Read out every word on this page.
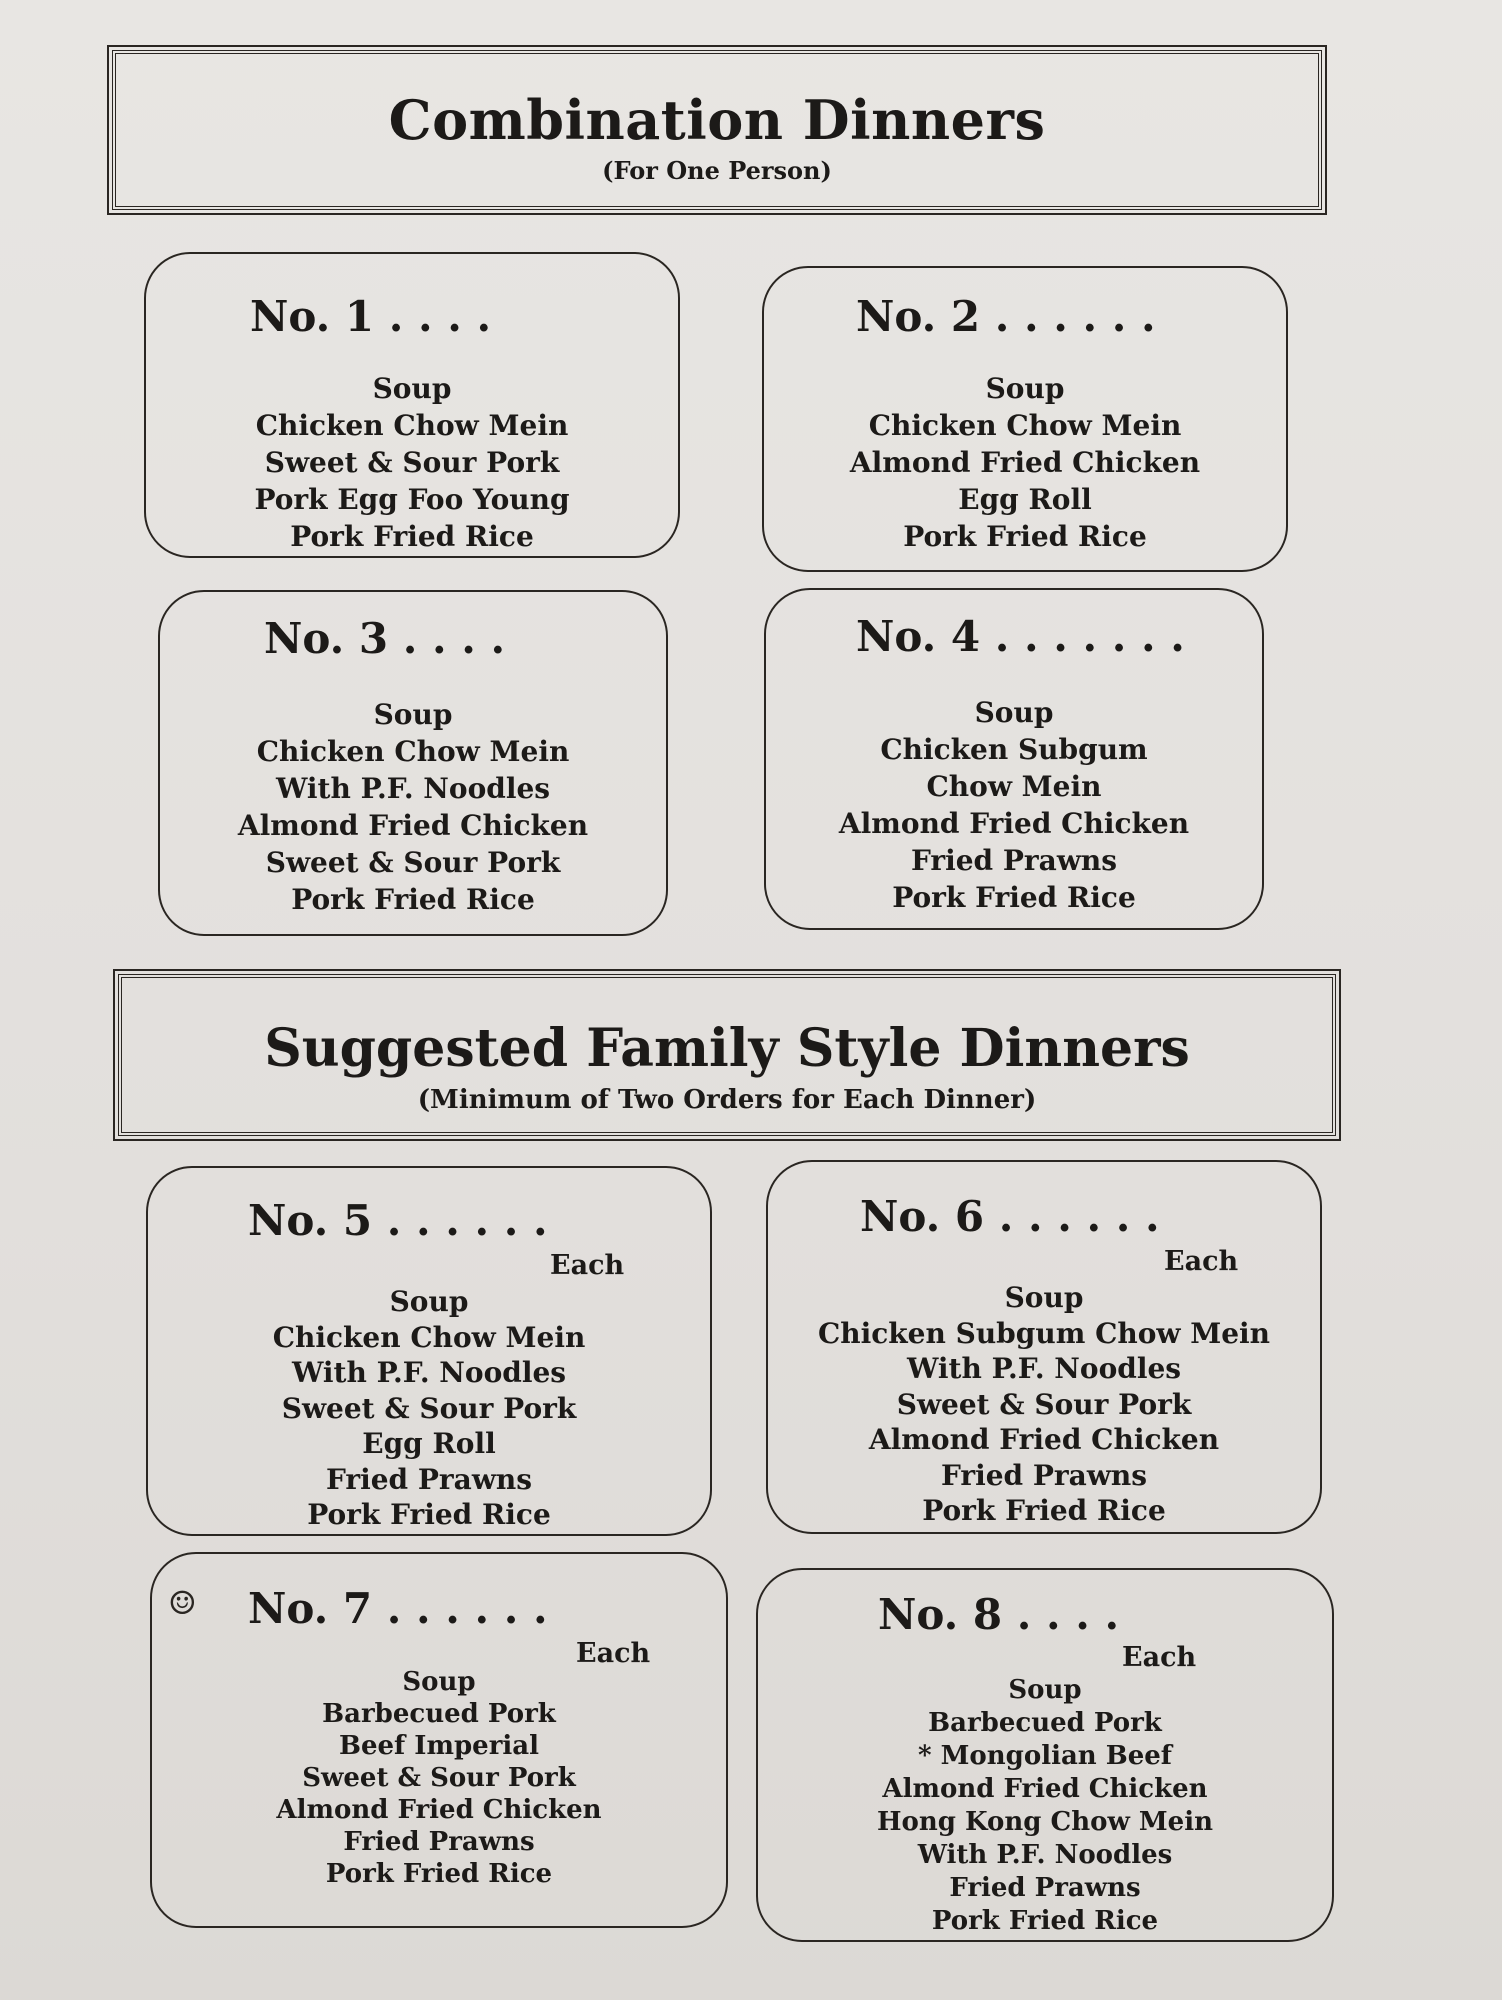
Combination Dinners
(For One Person)
No. 1 . . . .
Soup
Chicken Chow Mein
Sweet & Sour Pork
Pork Egg Foo Young
Pork Fried Rice
No. 2 . . . . . .
Soup
Chicken Chow Mein
Almond Fried Chicken
Egg Roll
Pork Fried Rice
No. 3 . . . .
Soup
Chicken Chow Mein
With P.F. Noodles
Almond Fried Chicken
Sweet & Sour Pork
Pork Fried Rice
No. 4 . . . . . . .
Soup
Chicken Subgum
Chow Mein
Almond Fried Chicken
Fried Prawns
Pork Fried Rice
Suggested Family Style Dinners
(Minimum of Two Orders for Each Dinner)
No. 5 . . . . . .
Each
Soup
Chicken Chow Mein
With P.F. Noodles
Sweet & Sour Pork
Egg Roll
Fried Prawns
Pork Fried Rice
No. 6 . . . . . .
Each
Soup
Chicken Subgum Chow Mein
With P.F. Noodles
Sweet & Sour Pork
Almond Fried Chicken
Fried Prawns
Pork Fried Rice
☺ No. 7 . . . . . .
Each
Soup
Barbecued Pork
Beef Imperial
Sweet & Sour Pork
Almond Fried Chicken
Fried Prawns
Pork Fried Rice
No. 8 . . . .
Each
Soup
Barbecued Pork
* Mongolian Beef
Almond Fried Chicken
Hong Kong Chow Mein
With P.F. Noodles
Fried Prawns
Pork Fried Rice
